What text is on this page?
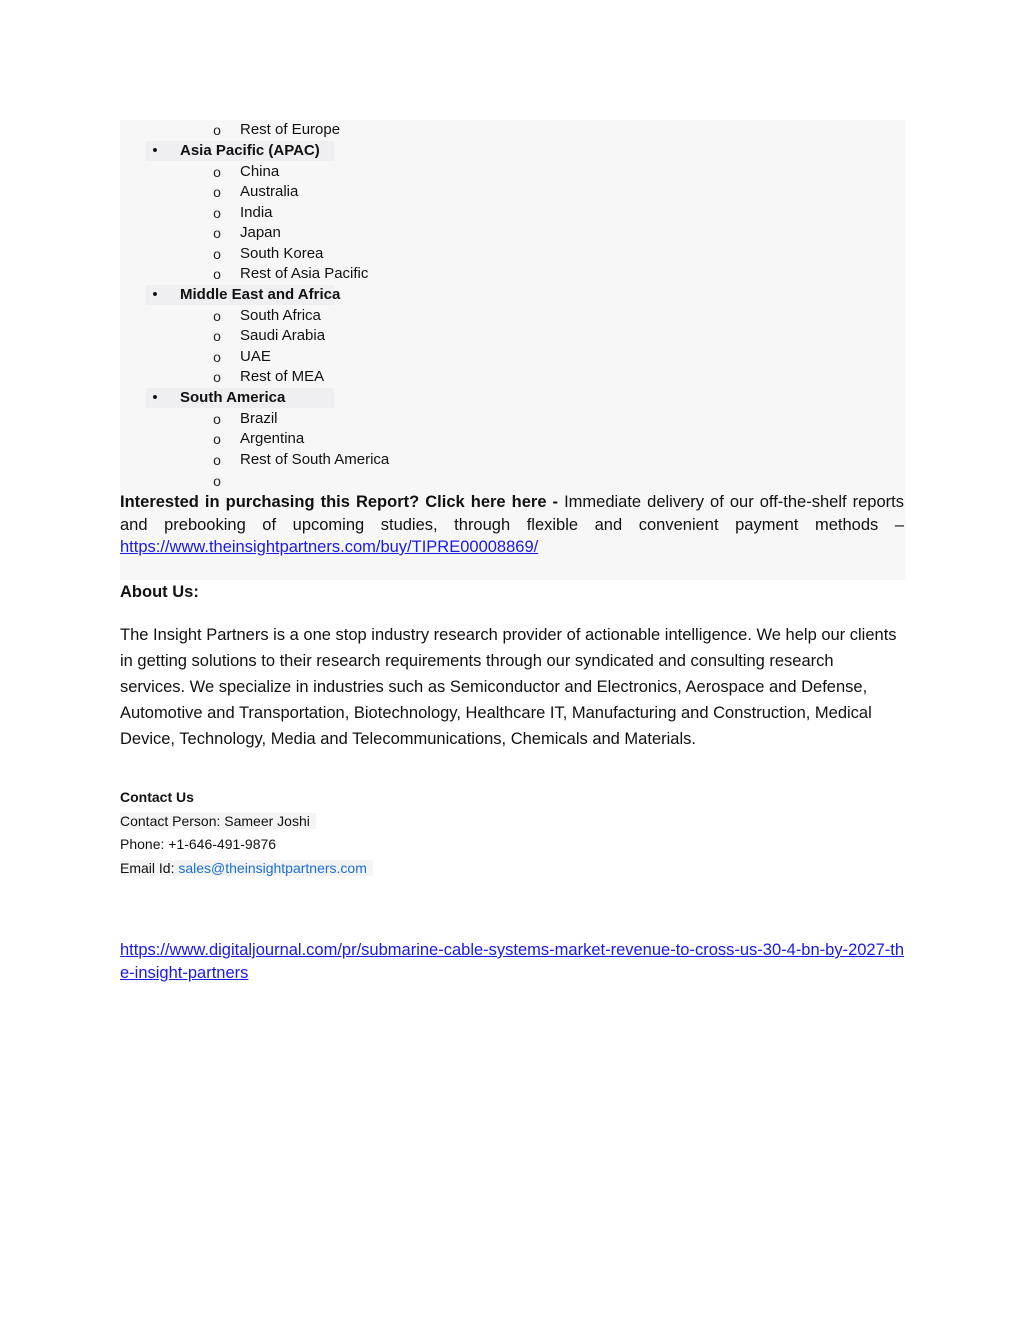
o Rest of Europe
• Asia Pacific (APAC)
o China
o Australia
o India
o Japan
o South Korea
o Rest of Asia Pacific
• Middle East and Africa
o South Africa
o Saudi Arabia
o UAE
o Rest of MEA
• South America
o Brazil
o Argentina
o Rest of South America
o
Interested in purchasing this Report? Click here here - Immediate delivery of our off-the-shelf reports and prebooking of upcoming studies, through flexible and convenient payment methods – https://www.theinsightpartners.com/buy/TIPRE00008869/
About Us:
The Insight Partners is a one stop industry research provider of actionable intelligence. We help our clients in getting solutions to their research requirements through our syndicated and consulting research services. We specialize in industries such as Semiconductor and Electronics, Aerospace and Defense, Automotive and Transportation, Biotechnology, Healthcare IT, Manufacturing and Construction, Medical Device, Technology, Media and Telecommunications, Chemicals and Materials.
Contact Us
Contact Person: Sameer Joshi
Phone: +1-646-491-9876
Email Id: sales@theinsightpartners.com
https://www.digitaljournal.com/pr/submarine-cable-systems-market-revenue-to-cross-us-30-4-bn-by-2027-the-insight-partners
